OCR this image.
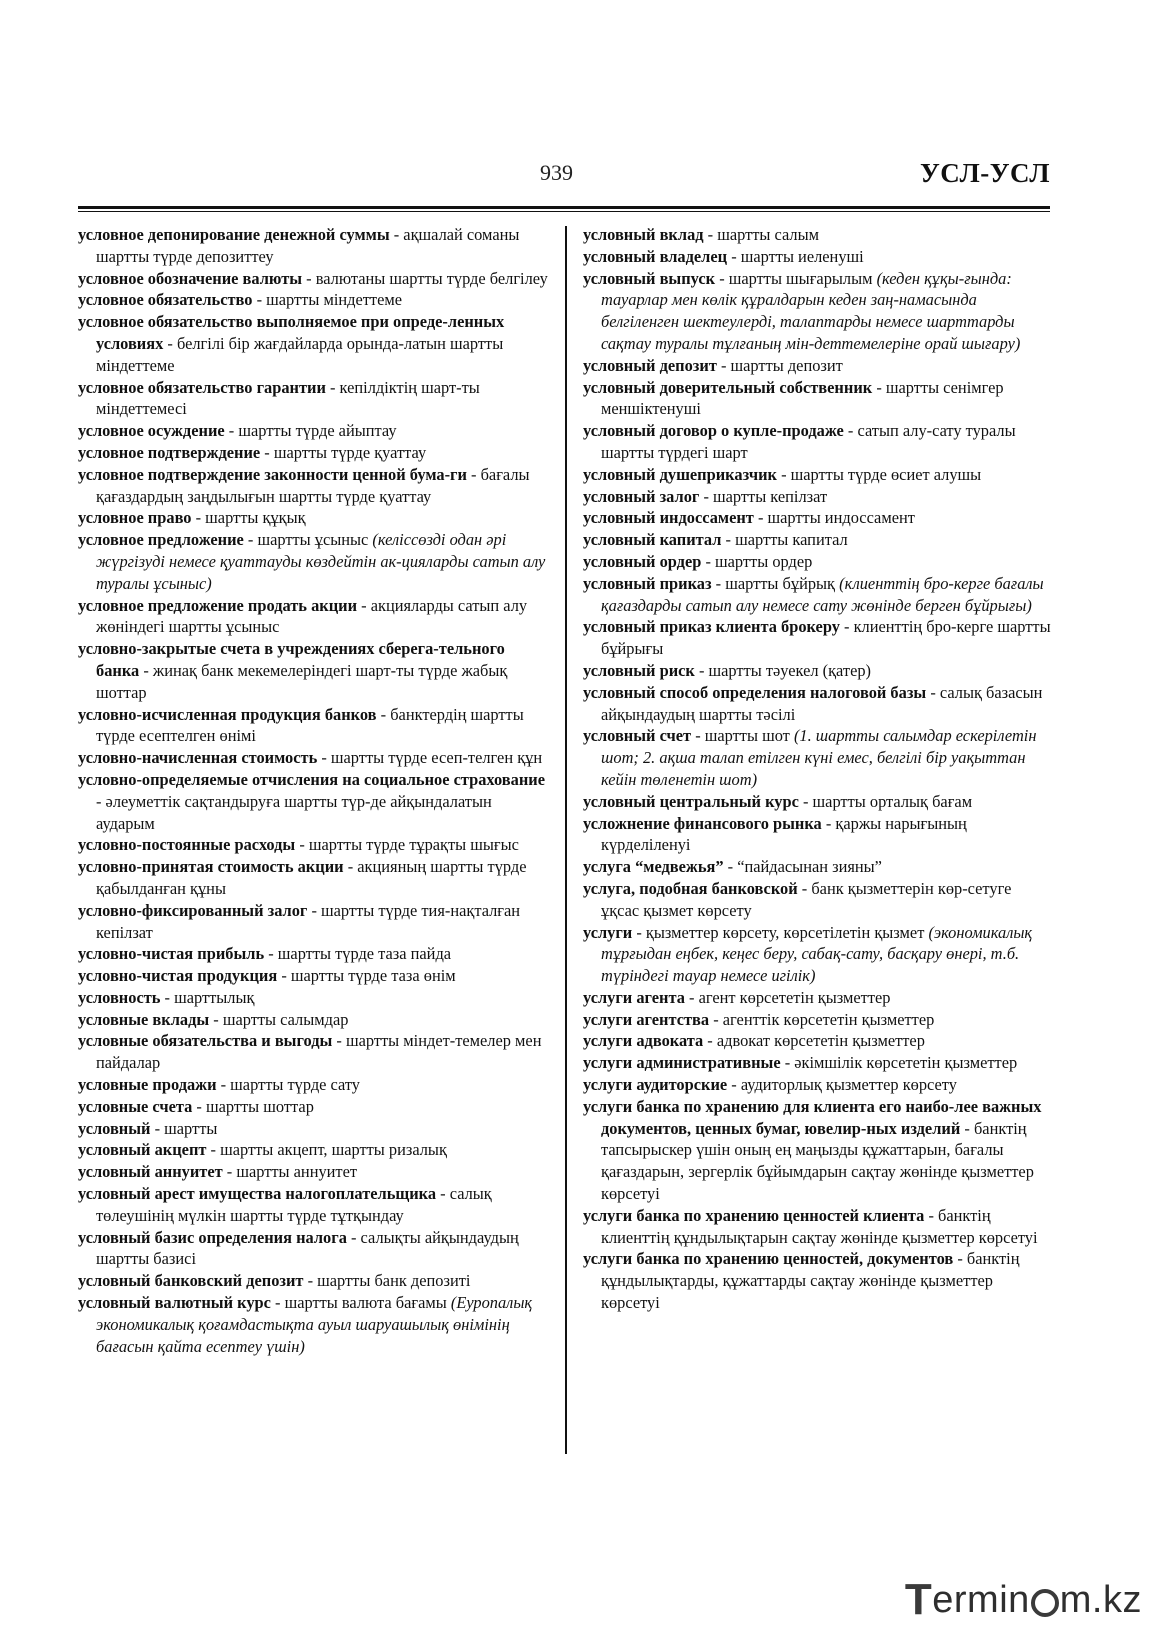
939	УСЛ-УСЛ
условное депонирование денежной суммы - ақшалай соманы шартты түрде депозиттеу
условное обозначение валюты - валютаны шартты түрде белгілеу
условное обязательство - шартты міндеттеме
условное обязательство выполняемое при опреде-ленных условиях - белгілі бір жағдайларда орында-латын шартты міндеттеме
условное обязательство гарантии - кепілдіктің шарт-ты міндеттемесі
условное осуждение - шартты түрде айыптау
условное подтверждение - шартты түрде қуаттау
условное подтверждение законности ценной бума-ги - бағалы қағаздардың заңдылығын шартты түрде қуаттау
условное право - шартты құқық
условное предложение - шартты ұсыныс (келіссөзді одан әрі жүргізуді немесе қуаттауды көздейтін ак-цияларды сатып алу туралы ұсыныс)
условное предложение продать акции - акцияларды сатып алу жөніндегі шартты ұсыныс
условно-закрытые счета в учреждениях сберега-тельного банка - жинақ банк мекемелеріндегі шарт-ты түрде жабық шоттар
условно-исчисленная продукция банков - банктердің шартты түрде есептелген өнімі
условно-начисленная стоимость - шартты түрде есеп-телген құн
условно-определяемые отчисления на социальное страхование - әлеуметтік сақтандыруға шартты түр-де айқындалатын аударым
условно-постоянные расходы - шартты түрде тұрақты шығыс
условно-принятая стоимость акции - акцияның шартты түрде қабылданған құны
условно-фиксированный залог - шартты түрде тия-нақталған кепілзат
условно-чистая прибыль - шартты түрде таза пайда
условно-чистая продукция - шартты түрде таза өнім
условность - шарттылық
условные вклады - шартты салымдар
условные обязательства и выгоды - шартты міндет-темелер мен пайдалар
условные продажи - шартты түрде сату
условные счета - шартты шоттар
условный - шартты
условный акцепт - шартты акцепт, шартты ризалық
условный аннуитет - шартты аннуитет
условный арест имущества налогоплательщика - салық төлеушінің мүлкін шартты түрде тұтқындау
условный базис определения налога - салықты айқындаудың шартты базисі
условный банковский депозит - шартты банк депозиті
условный валютный курс - шартты валюта бағамы (Еуропалық экономикалық қоғамдастықта ауыл шаруашылық өнімінің бағасын қайта есептеу үшін)
условный вклад - шартты салым
условный владелец - шартты иеленуші
условный выпуск - шартты шығарылым (кеден құқы-ғында: тауарлар мен көлік құралдарын кеден заң-намасында белгіленген шектеулерді, талаптарды немесе шарттарды сақтау туралы тұлғаның мін-деттемелеріне орай шығару)
условный депозит - шартты депозит
условный доверительный собственник - шартты сенімгер меншіктенуші
условный договор о купле-продаже - сатып алу-сату туралы шартты түрдегі шарт
условный душеприказчик - шартты түрде өсиет алушы
условный залог - шартты кепілзат
условный индоссамент - шартты индоссамент
условный капитал - шартты капитал
условный ордер - шартты ордер
условный приказ - шартты бұйрық (клиенттің бро-керге бағалы қағаздарды сатып алу немесе сату жөнінде берген бұйрығы)
условный приказ клиента брокеру - клиенттің бро-керге шартты бұйрығы
условный риск - шартты тәуекел (қатер)
условный способ определения налоговой базы - салық базасын айқындаудың шартты тәсілі
условный счет - шартты шот (1. шартты салымдар ескерілетін шот; 2. ақша талап етілген күні емес, белгілі бір уақыттан кейін төленетін шот)
условный центральный курс - шартты орталық бағам
усложнение финансового рынка - қаржы нарығының күрделіленуі
услуга “медвежья” - “пайдасынан зияны”
услуга, подобная банковской - банк қызметтерін көр-сетуге ұқсас қызмет көрсету
услуги - қызметтер көрсету, көрсетілетін қызмет (экономикалық тұрғыдан еңбек, кеңес беру, сабақ-сату, басқару өнері, т.б. түріндегі тауар немесе игілік)
услуги агента - агент көрсететін қызметтер
услуги агентства - агенттік көрсететін қызметтер
услуги адвоката - адвокат көрсететін қызметтер
услуги административные - әкімшілік көрсететін қызметтер
услуги аудиторские - аудиторлық қызметтер көрсету
услуги банка по хранению для клиента его наибо-лее важных документов, ценных бумаг, ювелир-ных изделий - банктің тапсырыскер үшін оның ең маңызды құжаттарын, бағалы қағаздарын, зергерлік бұйымдарын сақтау жөнінде қызметтер көрсетуі
услуги банка по хранению ценностей клиента - банктің клиенттің құндылықтарын сақтау жөнінде қызметтер көрсетуі
услуги банка по хранению ценностей, документов - банктің құндылықтарды, құжаттарды сақтау жөнінде қызметтер көрсетуі
T ermin m.kz
